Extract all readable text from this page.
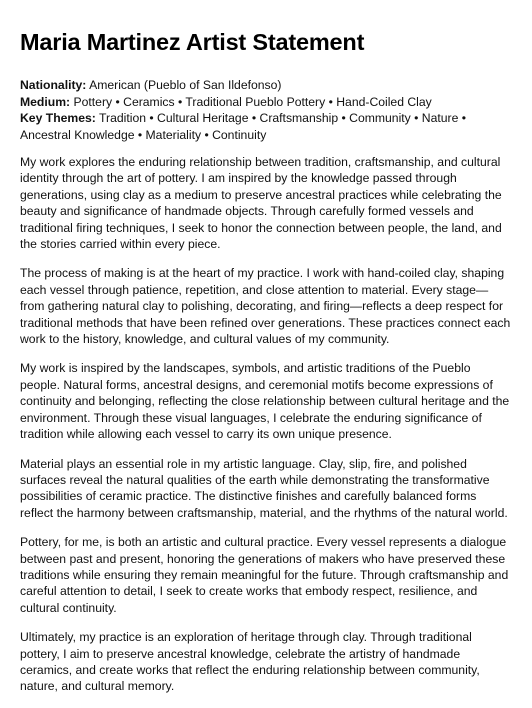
Maria Martinez Artist Statement

Nationality: American (Pueblo of San Ildefonso)

Medium: Pottery • Ceramics • Traditional Pueblo Pottery • Hand-Coiled Clay

Key Themes: Tradition • Cultural Heritage • Craftsmanship • Community • Nature • Ancestral Knowledge • Materiality • Continuity

My work explores the enduring relationship between tradition, craftsmanship, and cultural identity through the art of pottery. I am inspired by the knowledge passed through generations, using clay as a medium to preserve ancestral practices while celebrating the beauty and significance of handmade objects. Through carefully formed vessels and traditional firing techniques, I seek to honor the connection between people, the land, and the stories carried within every piece.

The process of making is at the heart of my practice. I work with hand-coiled clay, shaping each vessel through patience, repetition, and close attention to material. Every stage—from gathering natural clay to polishing, decorating, and firing—reflects a deep respect for traditional methods that have been refined over generations. These practices connect each work to the history, knowledge, and cultural values of my community.

My work is inspired by the landscapes, symbols, and artistic traditions of the Pueblo people. Natural forms, ancestral designs, and ceremonial motifs become expressions of continuity and belonging, reflecting the close relationship between cultural heritage and the environment. Through these visual languages, I celebrate the enduring significance of tradition while allowing each vessel to carry its own unique presence.

Material plays an essential role in my artistic language. Clay, slip, fire, and polished surfaces reveal the natural qualities of the earth while demonstrating the transformative possibilities of ceramic practice. The distinctive finishes and carefully balanced forms reflect the harmony between craftsmanship, material, and the rhythms of the natural world.

Pottery, for me, is both an artistic and cultural practice. Every vessel represents a dialogue between past and present, honoring the generations of makers who have preserved these traditions while ensuring they remain meaningful for the future. Through craftsmanship and careful attention to detail, I seek to create works that embody respect, resilience, and cultural continuity.

Ultimately, my practice is an exploration of heritage through clay. Through traditional pottery, I aim to preserve ancestral knowledge, celebrate the artistry of handmade ceramics, and create works that reflect the enduring relationship between community, nature, and cultural memory.
